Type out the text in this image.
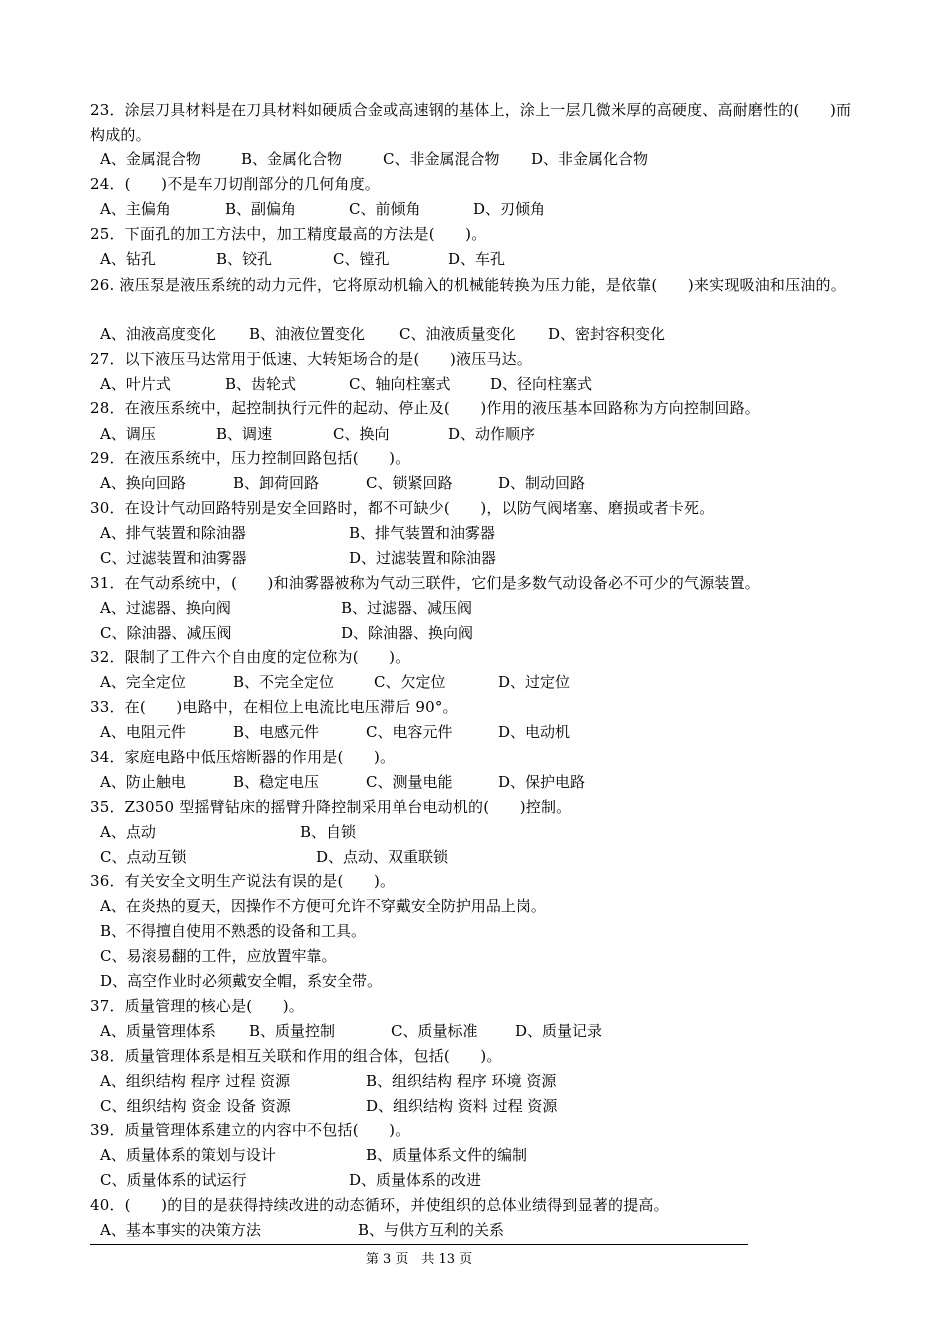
23．涂层刀具材料是在刀具材料如硬质合金或高速钢的基体上，涂上一层几微米厚的高硬度、高耐磨性的(　　)而构成的。
A、金属混合物	B、金属化合物	C、非金属混合物 D、非金属化合物
24．(　　)不是车刀切削部分的几何角度。
A、主偏角	B、副偏角	C、前倾角	D、刃倾角
25．下面孔的加工方法中，加工精度最高的方法是(　　)。
A、钻孔	B、铰孔	C、镗孔	D、车孔
26. 液压泵是液压系统的动力元件，它将原动机输入的机械能转换为压力能，是依靠(　　)来实现吸油和压油的。
A、油液高度变化 B、油液位置变化 C、油液质量变化 D、密封容积变化
27．以下液压马达常用于低速、大转矩场合的是(　　)液压马达。
A、叶片式	B、齿轮式	C、轴向柱塞式	D、径向柱塞式
28．在液压系统中，起控制执行元件的起动、停止及(　　)作用的液压基本回路称为方向控制回路。
A、调压	B、调速	C、换向	D、动作顺序
29．在液压系统中，压力控制回路包括(　　)。
A、换向回路	B、卸荷回路	C、锁紧回路	D、制动回路
30．在设计气动回路特别是安全回路时，都不可缺少(　　)，以防气阀堵塞、磨损或者卡死。
A、排气装置和除油器	B、排气装置和油雾器
C、过滤装置和油雾器	D、过滤装置和除油器
31．在气动系统中，(　　)和油雾器被称为气动三联件，它们是多数气动设备必不可少的气源装置。
A、过滤器、换向阀	B、过滤器、减压阀
C、除油器、减压阀	D、除油器、换向阀
32．限制了工件六个自由度的定位称为(　　)。
A、完全定位	B、不完全定位	C、欠定位	D、过定位
33．在(　　)电路中，在相位上电流比电压滞后 90°。
A、电阻元件	B、电感元件	C、电容元件	D、电动机
34．家庭电路中低压熔断器的作用是(　　)。
A、防止触电	B、稳定电压	C、测量电能	D、保护电路
35．Z3050 型摇臂钻床的摇臂升降控制采用单台电动机的(　　)控制。
A、点动	B、自锁
C、点动互锁	D、点动、双重联锁
36．有关安全文明生产说法有误的是(　　)。
A、在炎热的夏天，因操作不方便可允许不穿戴安全防护用品上岗。
B、不得擅自使用不熟悉的设备和工具。
C、易滚易翻的工件，应放置牢靠。
D、高空作业时必须戴安全帽，系安全带。
37．质量管理的核心是(　　)。
A、质量管理体系 B、质量控制	C、质量标准	D、质量记录
38．质量管理体系是相互关联和作用的组合体，包括(　　)。
A、组织结构 程序 过程 资源	B、组织结构 程序 环境 资源
C、组织结构 资金 设备 资源	D、组织结构 资料 过程 资源
39．质量管理体系建立的内容中不包括(　　)。
A、质量体系的策划与设计	B、质量体系文件的编制
C、质量体系的试运行	D、质量体系的改进
40．(　　)的目的是获得持续改进的动态循环，并使组织的总体业绩得到显著的提高。
A、基本事实的决策方法	B、与供方互利的关系
第 3 页　共 13 页
